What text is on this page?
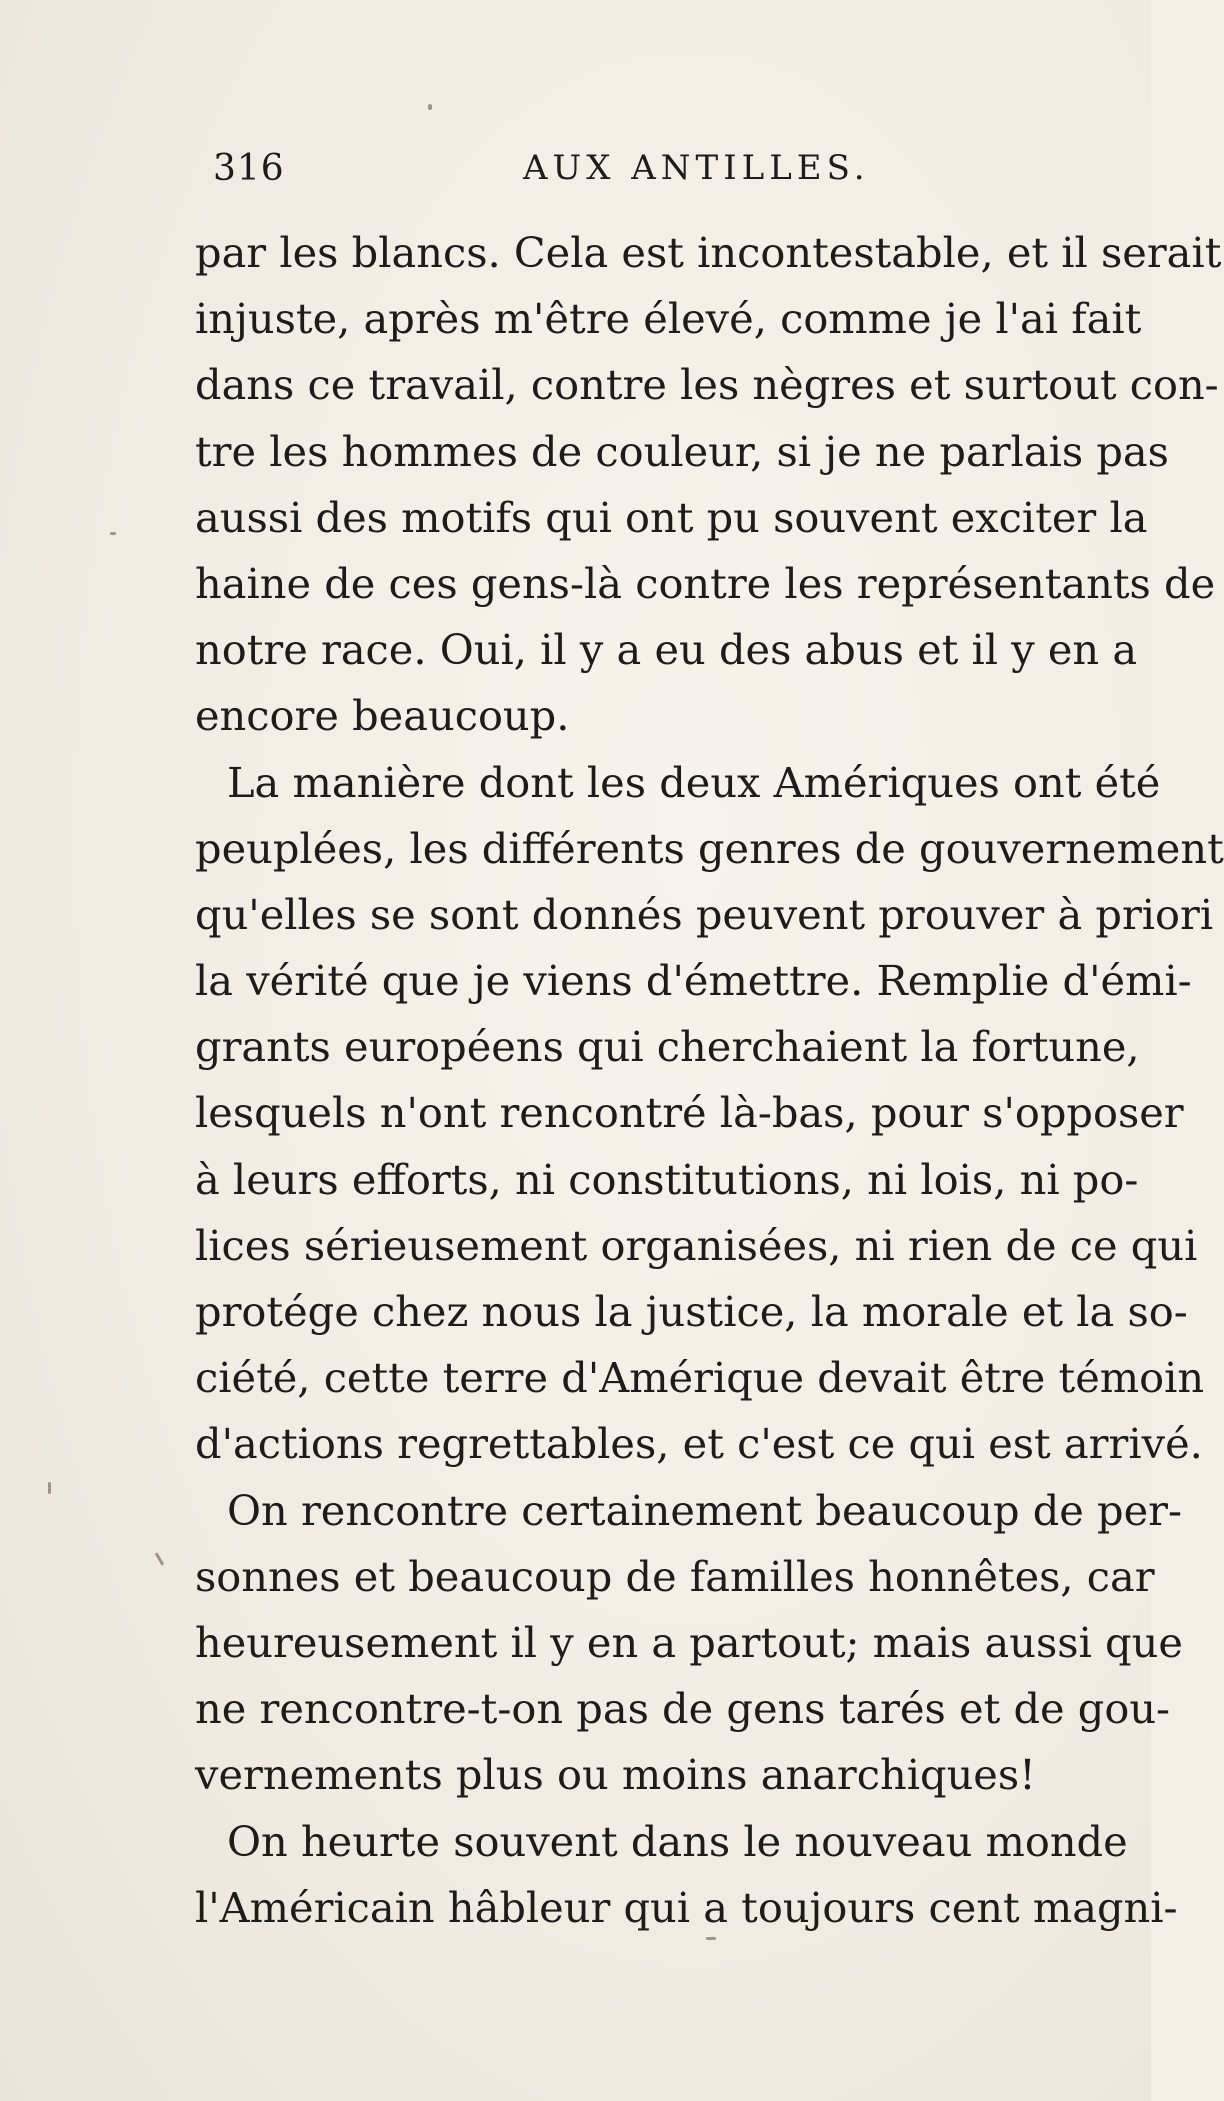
316	AUX ANTILLES.
par les blancs. Cela est incontestable, et il serait
injuste, après m'être élevé, comme je l'ai fait
dans ce travail, contre les nègres et surtout con-
tre les hommes de couleur, si je ne parlais pas
aussi des motifs qui ont pu souvent exciter la
haine de ces gens-là contre les représentants de
notre race. Oui, il y a eu des abus et il y en a
encore beaucoup.
La manière dont les deux Amériques ont été
peuplées, les différents genres de gouvernement
qu'elles se sont donnés peuvent prouver à priori
la vérité que je viens d'émettre. Remplie d'émi-
grants européens qui cherchaient la fortune,
lesquels n'ont rencontré là-bas, pour s'opposer
à leurs efforts, ni constitutions, ni lois, ni po-
lices sérieusement organisées, ni rien de ce qui
protége chez nous la justice, la morale et la so-
ciété, cette terre d'Amérique devait être témoin
d'actions regrettables, et c'est ce qui est arrivé.
On rencontre certainement beaucoup de per-
sonnes et beaucoup de familles honnêtes, car
heureusement il y en a partout; mais aussi que
ne rencontre-t-on pas de gens tarés et de gou-
vernements plus ou moins anarchiques!
On heurte souvent dans le nouveau monde
l'Américain hâbleur qui a toujours cent magni-
